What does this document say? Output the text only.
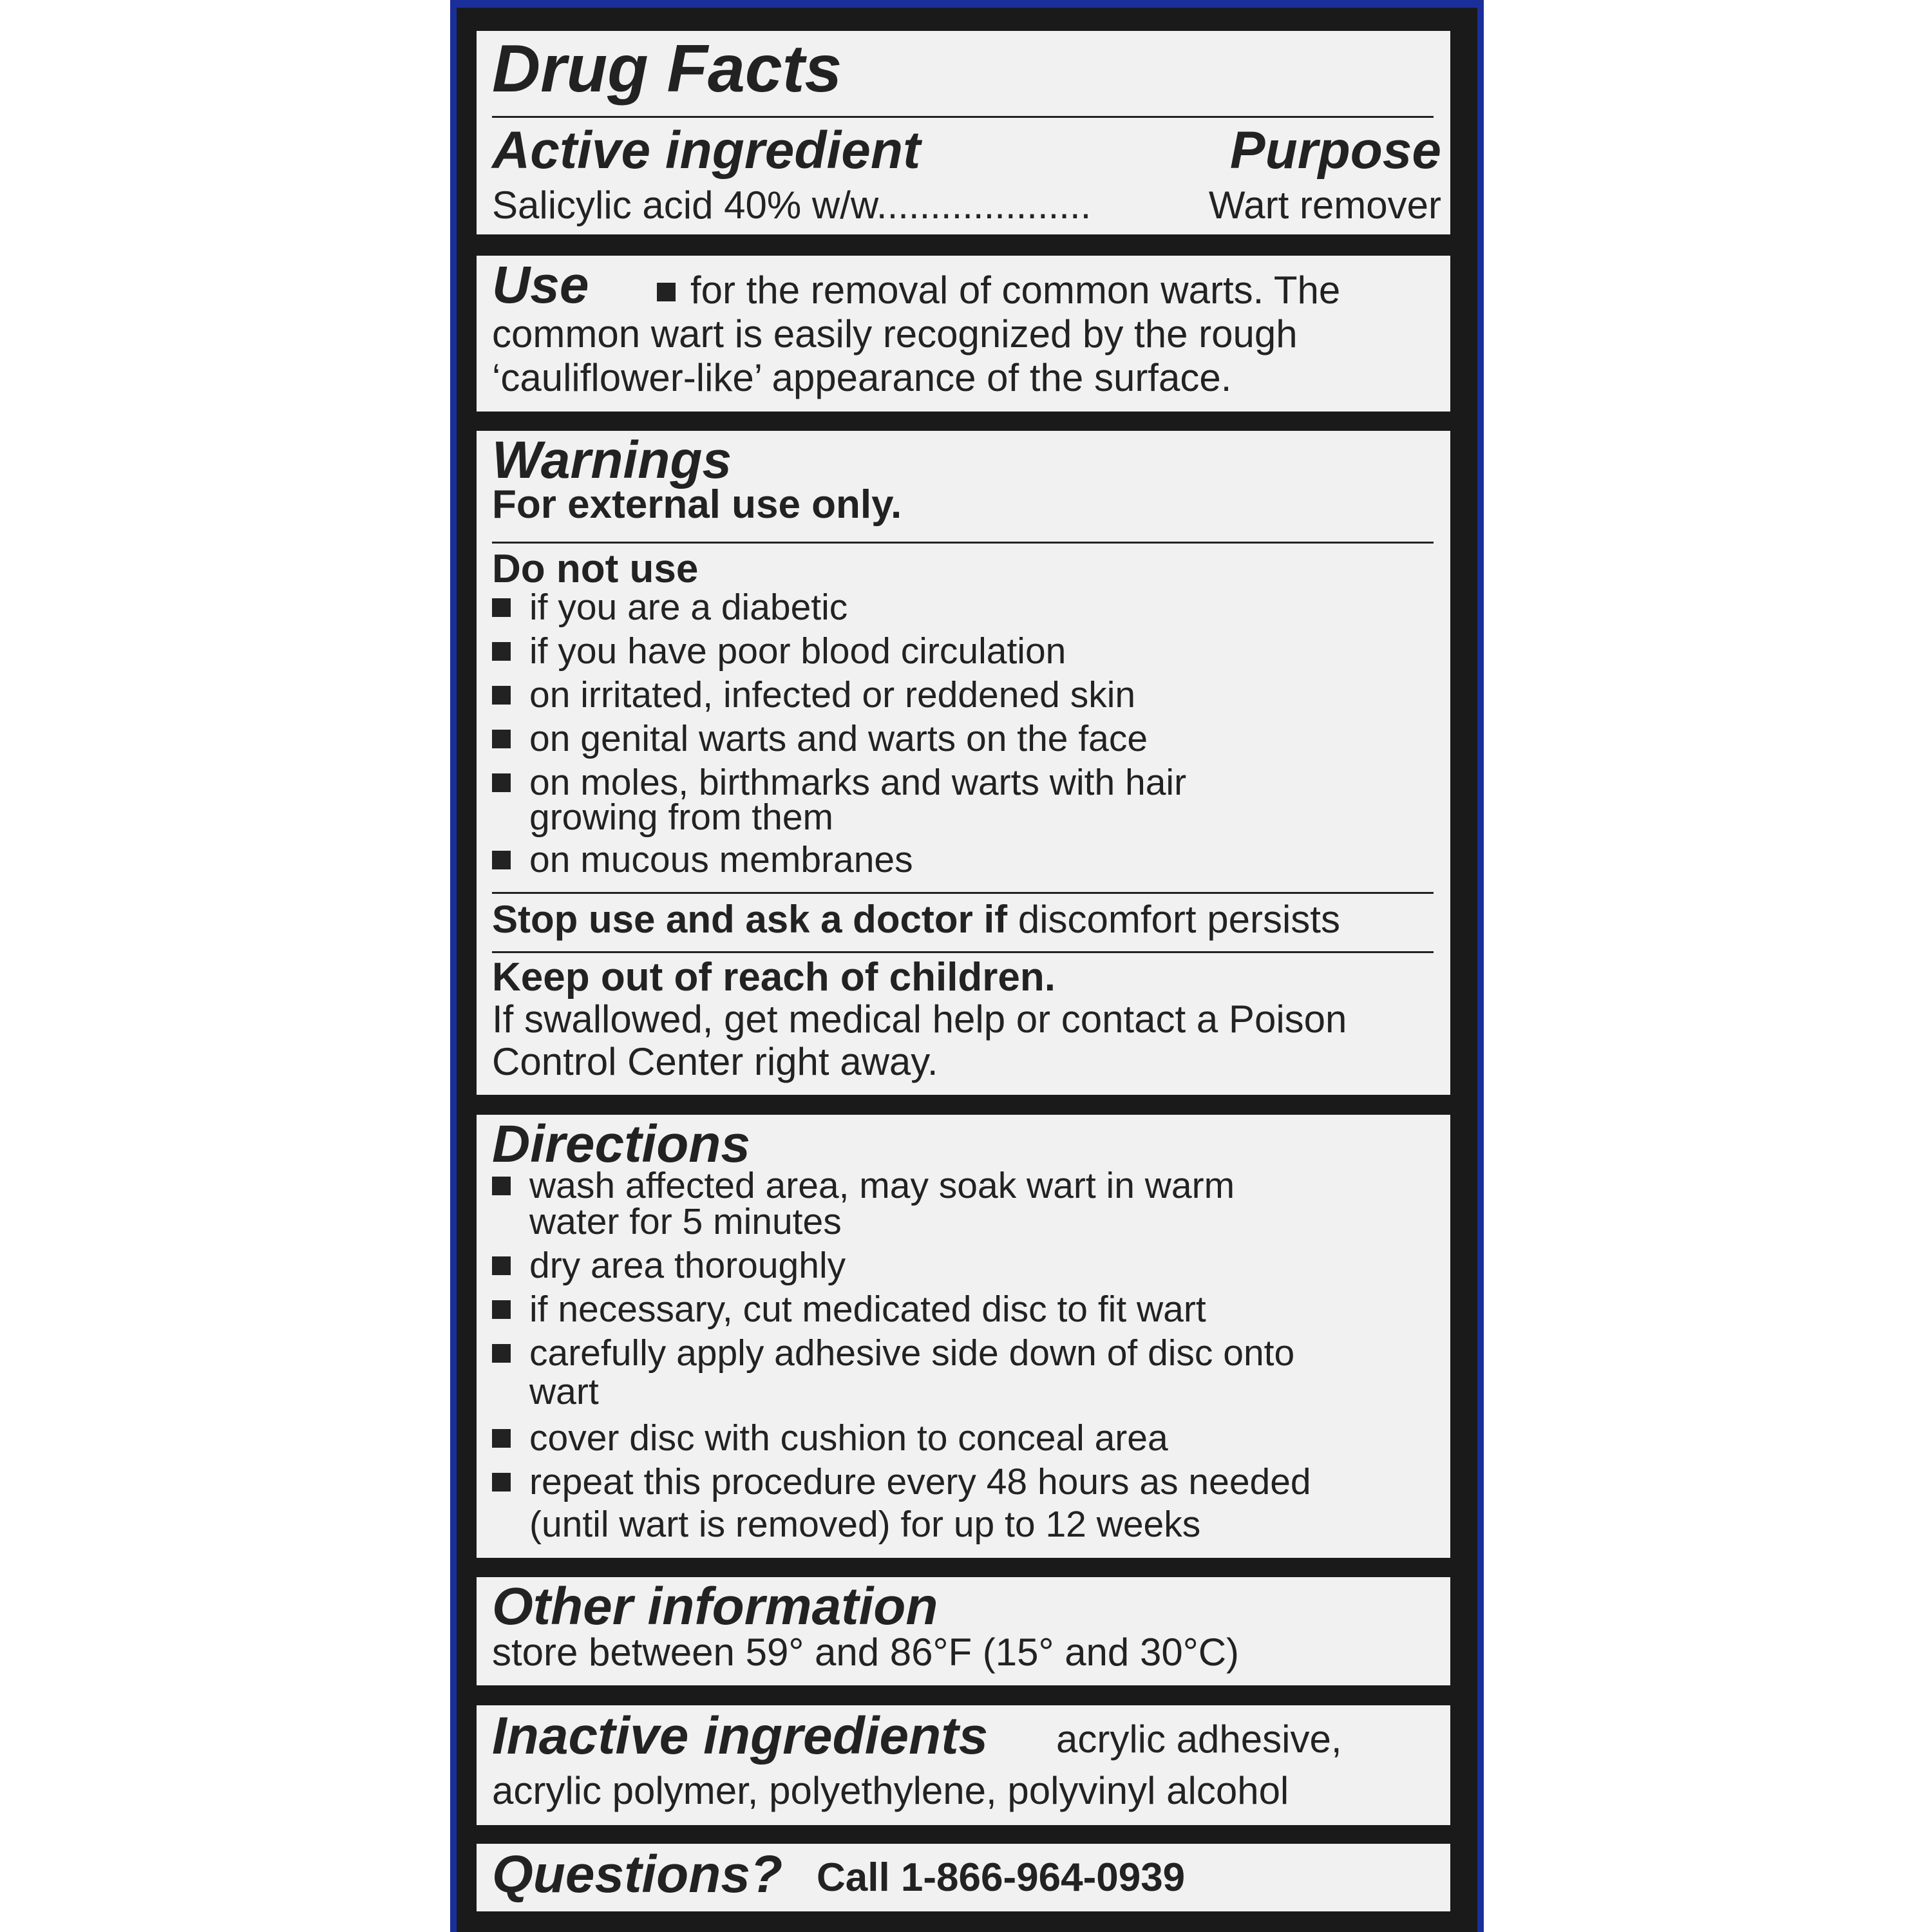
Drug Facts

Active ingredient	Purpose

Salicylic acid 40% w/w....................	Wart remover

Use	for the removal of common warts. The

common wart is easily recognized by the rough

‘cauliflower-like’ appearance of the surface.

Warnings

For external use only.

Do not use

if you are a diabetic
if you have poor blood circulation
on irritated, infected or reddened skin
on genital warts and warts on the face
on moles, birthmarks and warts with hair
growing from them
on mucous membranes

Stop use and ask a doctor if discomfort persists

Keep out of reach of children.

If swallowed, get medical help or contact a Poison

Control Center right away.

Directions

wash affected area, may soak wart in warm
water for 5 minutes
dry area thoroughly
if necessary, cut medicated disc to fit wart
carefully apply adhesive side down of disc onto
wart
cover disc with cushion to conceal area
repeat this procedure every 48 hours as needed
(until wart is removed) for up to 12 weeks

Other information

store between 59° and 86°F (15° and 30°C)

Inactive ingredients acrylic adhesive,

acrylic polymer, polyethylene, polyvinyl alcohol

Questions? Call 1-866-964-0939
